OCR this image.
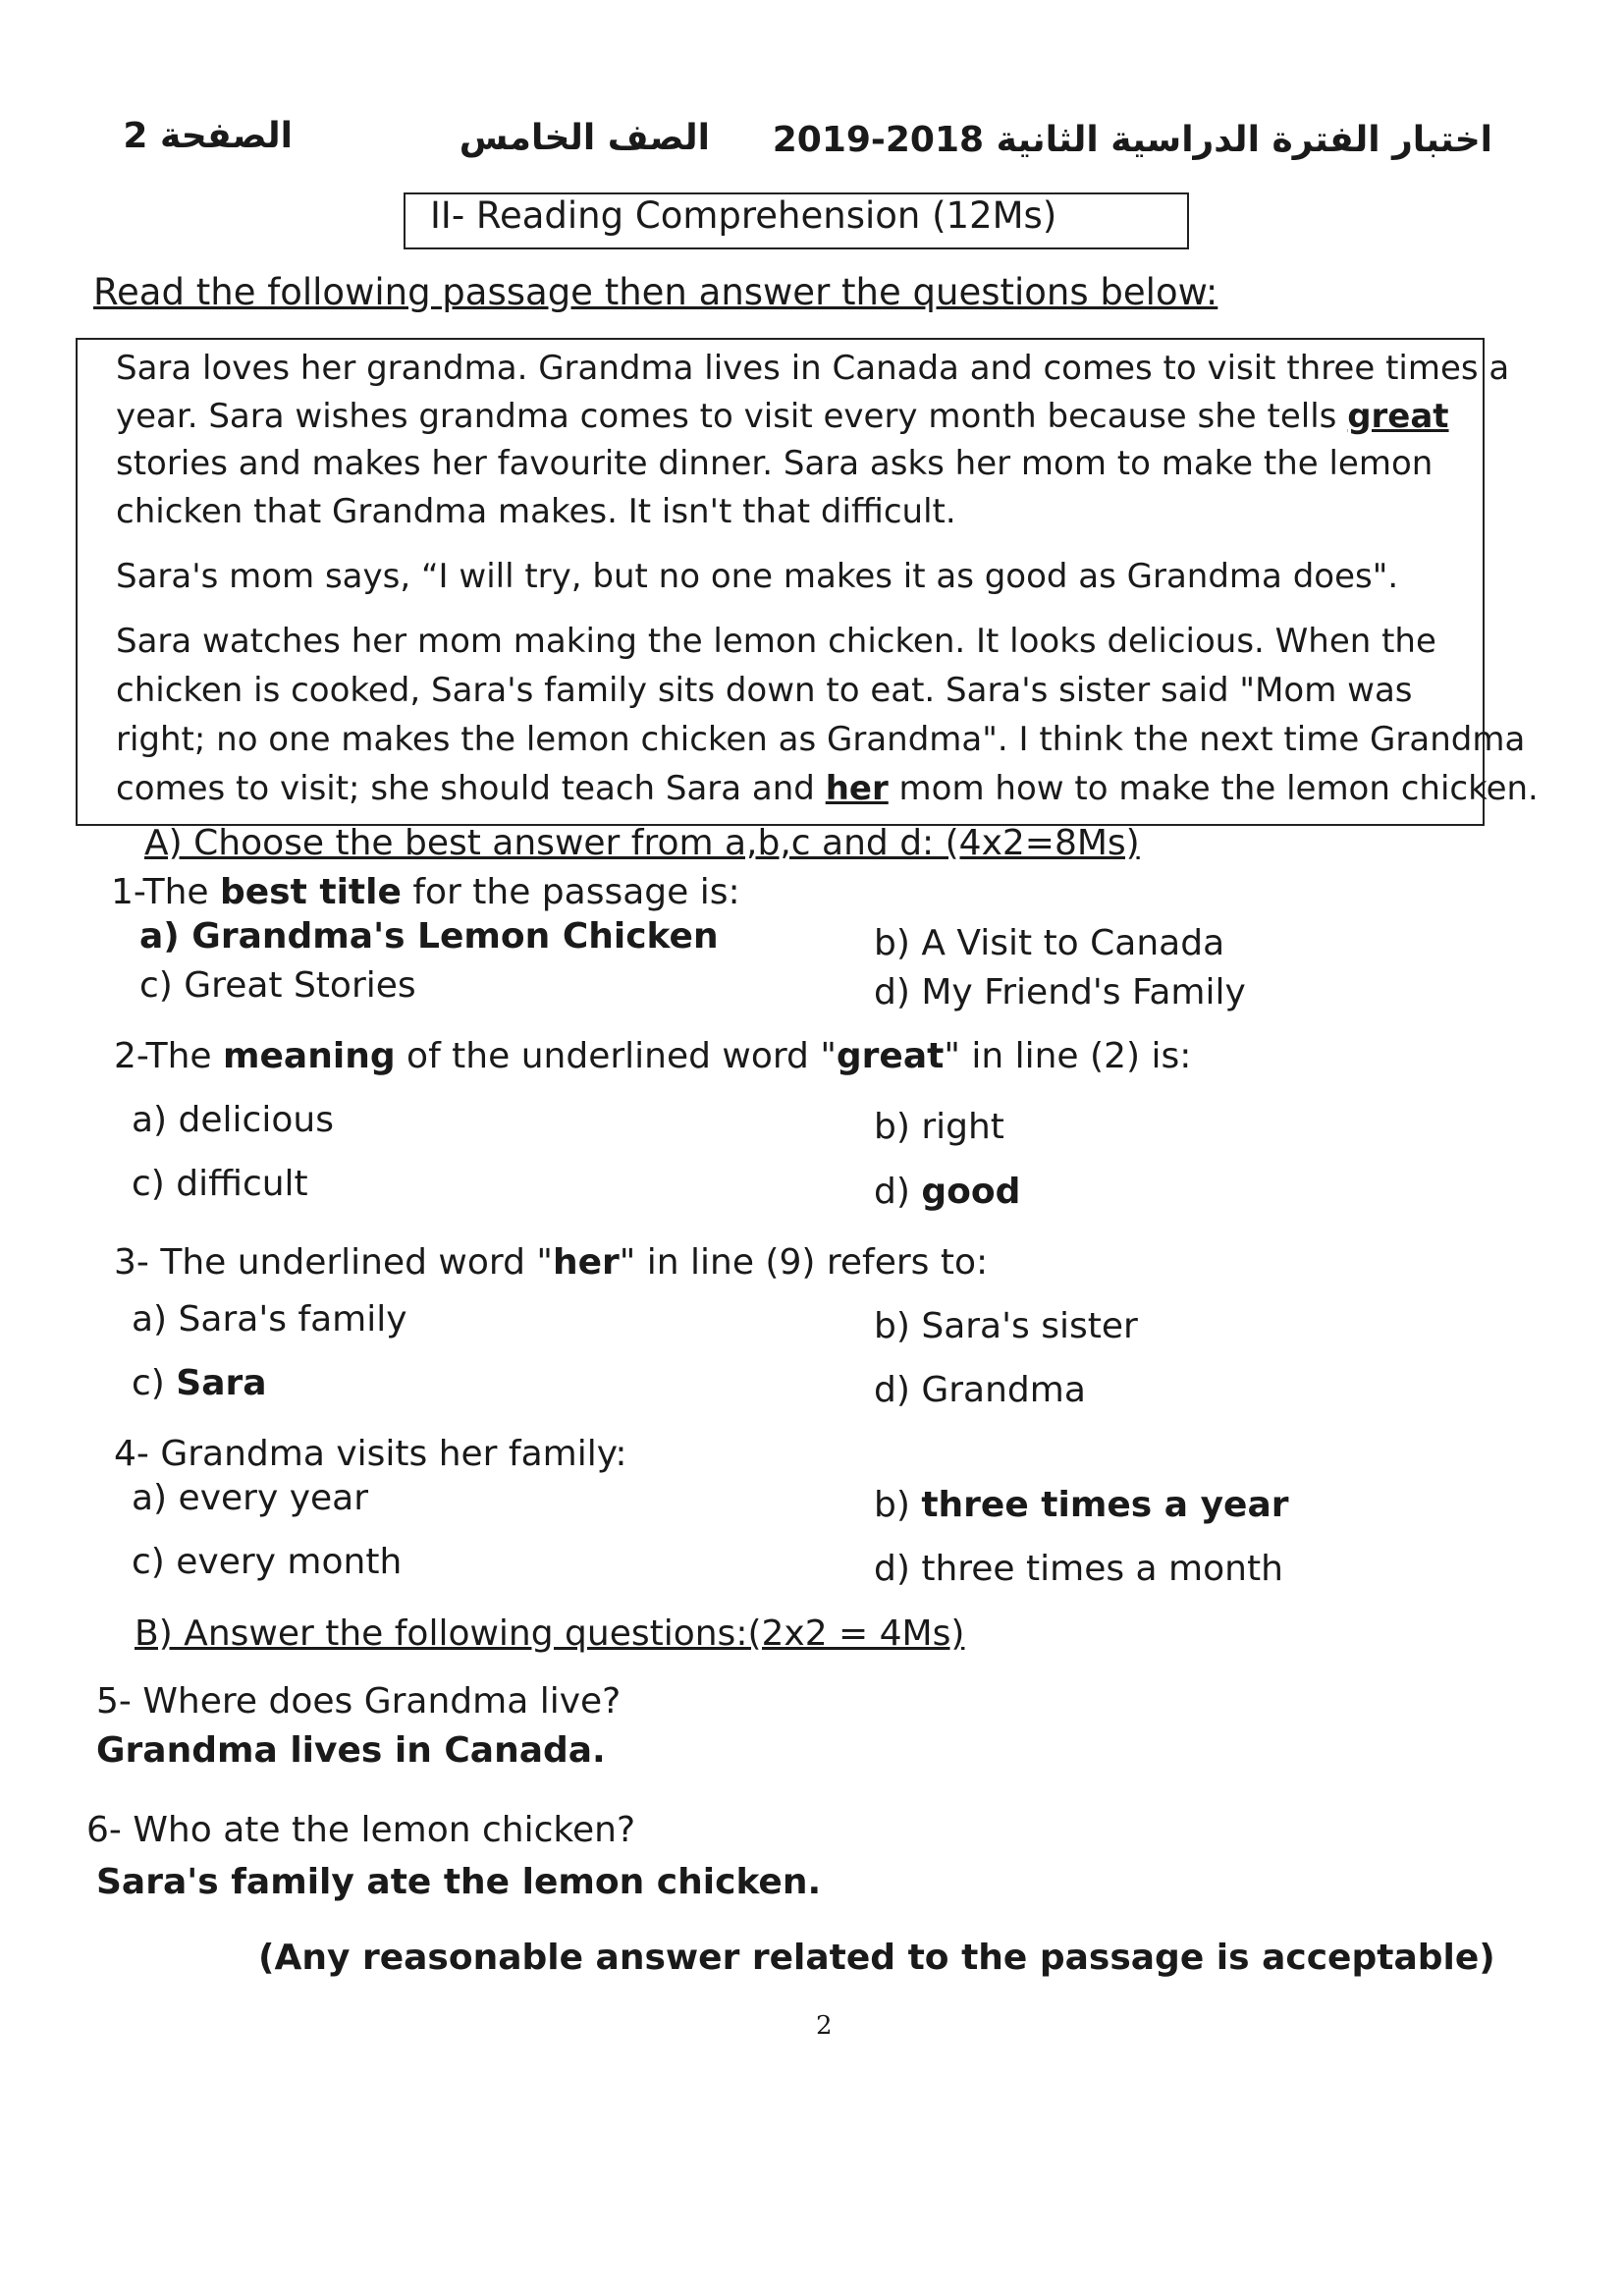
الصفحة 2	الصف الخامس اختبار الفترة الدراسية الثانية 2018-2019
II- Reading Comprehension (12Ms)
Read the following passage then answer the questions below:
Sara loves her grandma. Grandma lives in Canada and comes to visit three times a
year. Sara wishes grandma comes to visit every month because she tells great
stories and makes her favourite dinner. Sara asks her mom to make the lemon
chicken that Grandma makes. It isn't that difficult.
Sara's mom says, “I will try, but no one makes it as good as Grandma does".
Sara watches her mom making the lemon chicken. It looks delicious. When the
chicken is cooked, Sara's family sits down to eat. Sara's sister said "Mom was
right; no one makes the lemon chicken as Grandma". I think the next time Grandma
comes to visit; she should teach Sara and her mom how to make the lemon chicken.
A) Choose the best answer from a,b,c and d: (4x2=8Ms)
1-The best title for the passage is:
a) Grandma's Lemon Chicken	b) A Visit to Canada
c) Great Stories	d) My Friend's Family
2-The meaning of the underlined word "great" in line (2) is:
a) delicious	b) right
c) difficult	d) good
3- The underlined word "her" in line (9) refers to:
a) Sara's family	b) Sara's sister
c) Sara	d) Grandma
4- Grandma visits her family:
a) every year	b) three times a year
c) every month	d) three times a month
B) Answer the following questions:(2x2 = 4Ms)
5- Where does Grandma live?
Grandma lives in Canada.
6- Who ate the lemon chicken?
Sara's family ate the lemon chicken.
(Any reasonable answer related to the passage is acceptable)
2
